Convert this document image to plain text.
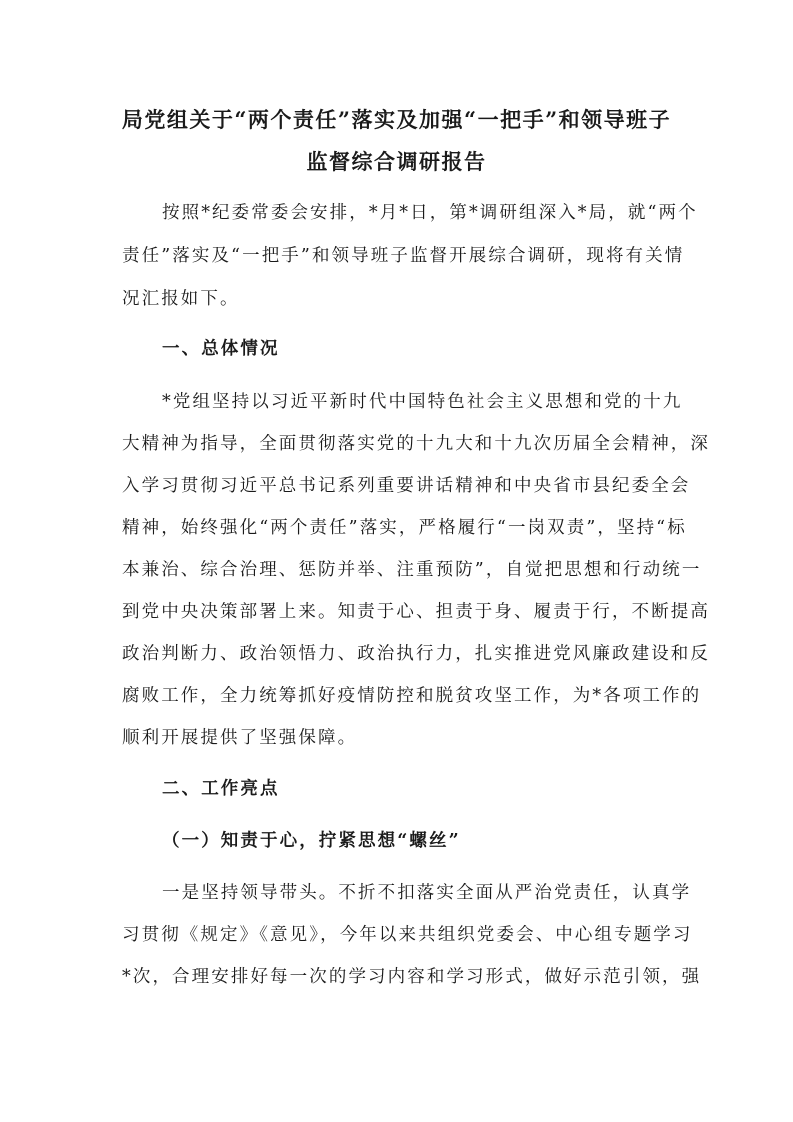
局党组关于“两个责任”落实及加强“一把手”和领导班子
监督综合调研报告

按照*纪委常委会安排，*月*日，第*调研组深入*局，就“两个

责任”落实及“一把手”和领导班子监督开展综合调研，现将有关情

况汇报如下。

一、总体情况

*党组坚持以习近平新时代中国特色社会主义思想和党的十九

大精神为指导，全面贯彻落实党的十九大和十九次历届全会精神，深

入学习贯彻习近平总书记系列重要讲话精神和中央省市县纪委全会

精神，始终强化“两个责任”落实，严格履行“一岗双责”，坚持“标

本兼治、综合治理、惩防并举、注重预防”，自觉把思想和行动统一

到党中央决策部署上来。知责于心、担责于身、履责于行，不断提高

政治判断力、政治领悟力、政治执行力，扎实推进党风廉政建设和反

腐败工作，全力统筹抓好疫情防控和脱贫攻坚工作，为*各项工作的

顺利开展提供了坚强保障。

二、工作亮点

（一）知责于心，拧紧思想“螺丝”

一是坚持领导带头。不折不扣落实全面从严治党责任，认真学

习贯彻《规定》《意见》，今年以来共组织党委会、中心组专题学习

*次，合理安排好每一次的学习内容和学习形式，做好示范引领，强
